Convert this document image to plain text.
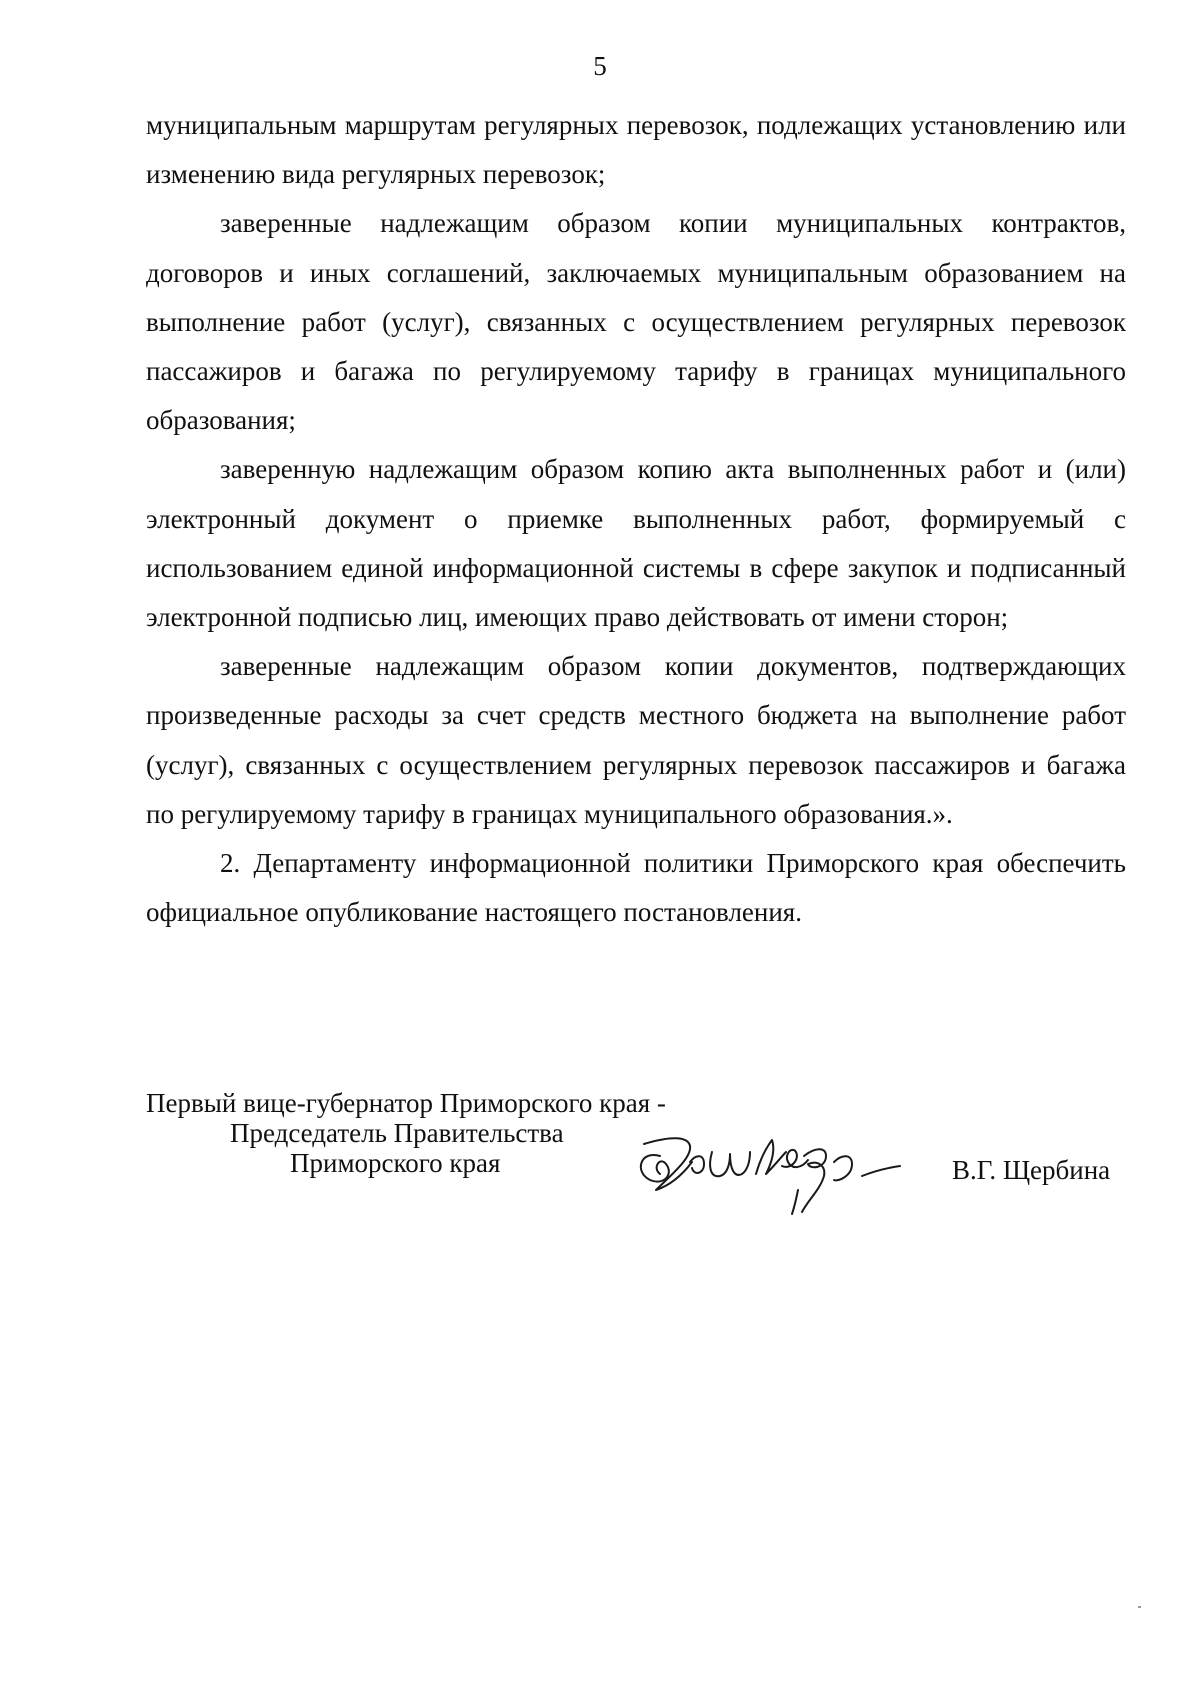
5

муниципальным маршрутам регулярных перевозок, подлежащих установлению или изменению вида регулярных перевозок;

заверенные надлежащим образом копии муниципальных контрактов, договоров и иных соглашений, заключаемых муниципальным образованием на выполнение работ (услуг), связанных с осуществлением регулярных перевозок пассажиров и багажа по регулируемому тарифу в границах муниципального образования;

заверенную надлежащим образом копию акта выполненных работ и (или) электронный документ о приемке выполненных работ, формируемый с использованием единой информационной системы в сфере закупок и подписанный электронной подписью лиц, имеющих право действовать от имени сторон;

заверенные надлежащим образом копии документов, подтверждающих произведенные расходы за счет средств местного бюджета на выполнение работ (услуг), связанных с осуществлением регулярных перевозок пассажиров и багажа по регулируемому тарифу в границах муниципального образования.».

2. Департаменту информационной политики Приморского края обеспечить официальное опубликование настоящего постановления.

Первый вице-губернатор Приморского края -
Председатель Правительства
Приморского края	В.Г. Щербина
